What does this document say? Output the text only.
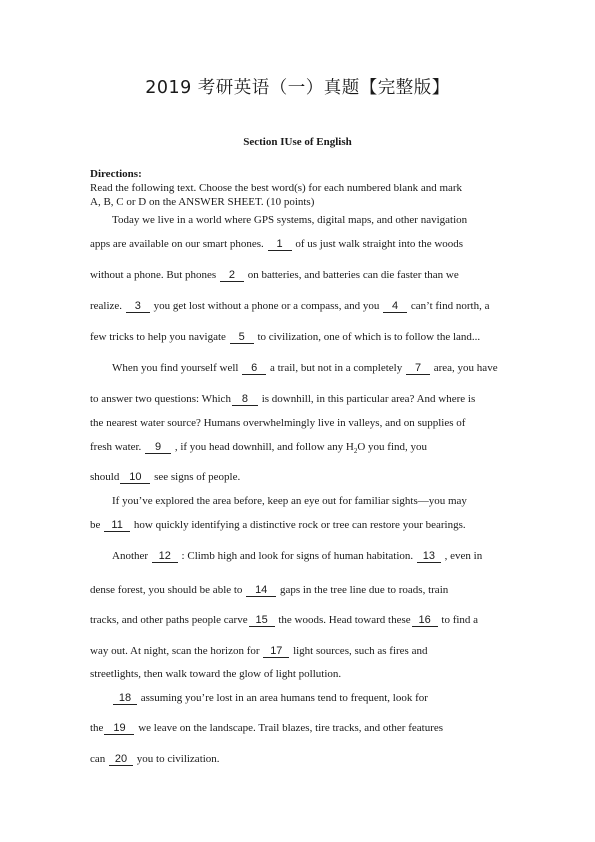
2019 考研英语（一）真题【完整版】
Section IUse of English
Directions:
Read the following text. Choose the best word(s) for each numbered blank and mark
A, B, C or D on the ANSWER SHEET. (10 points)
Today we live in a world where GPS systems, digital maps, and other navigation
apps are available on our smart phones. 1 of us just walk straight into the woods
without a phone. But phones 2 on batteries, and batteries can die faster than we
realize. 3 you get lost without a phone or a compass, and you 4 can’t find north, a
few tricks to help you navigate 5 to civilization, one of which is to follow the land...
When you find yourself well 6 a trail, but not in a completely 7 area, you have
to answer two questions: Which 8 is downhill, in this particular area? And where is
the nearest water source? Humans overwhelmingly live in valleys, and on supplies of
fresh water. 9 , if you head downhill, and follow any $H_2O$ you find, you
should 10 see signs of people.
If you’ve explored the area before, keep an eye out for familiar sights—you may
be 11 how quickly identifying a distinctive rock or tree can restore your bearings.
Another 12 : Climb high and look for signs of human habitation. 13 , even in
dense forest, you should be able to 14 gaps in the tree line due to roads, train
tracks, and other paths people carve 15 the woods. Head toward these 16 to find a
way out. At night, scan the horizon for 17 light sources, such as fires and
streetlights, then walk toward the glow of light pollution.
18 assuming you’re lost in an area humans tend to frequent, look for
the 19 we leave on the landscape. Trail blazes, tire tracks, and other features
can 20 you to civilization.
